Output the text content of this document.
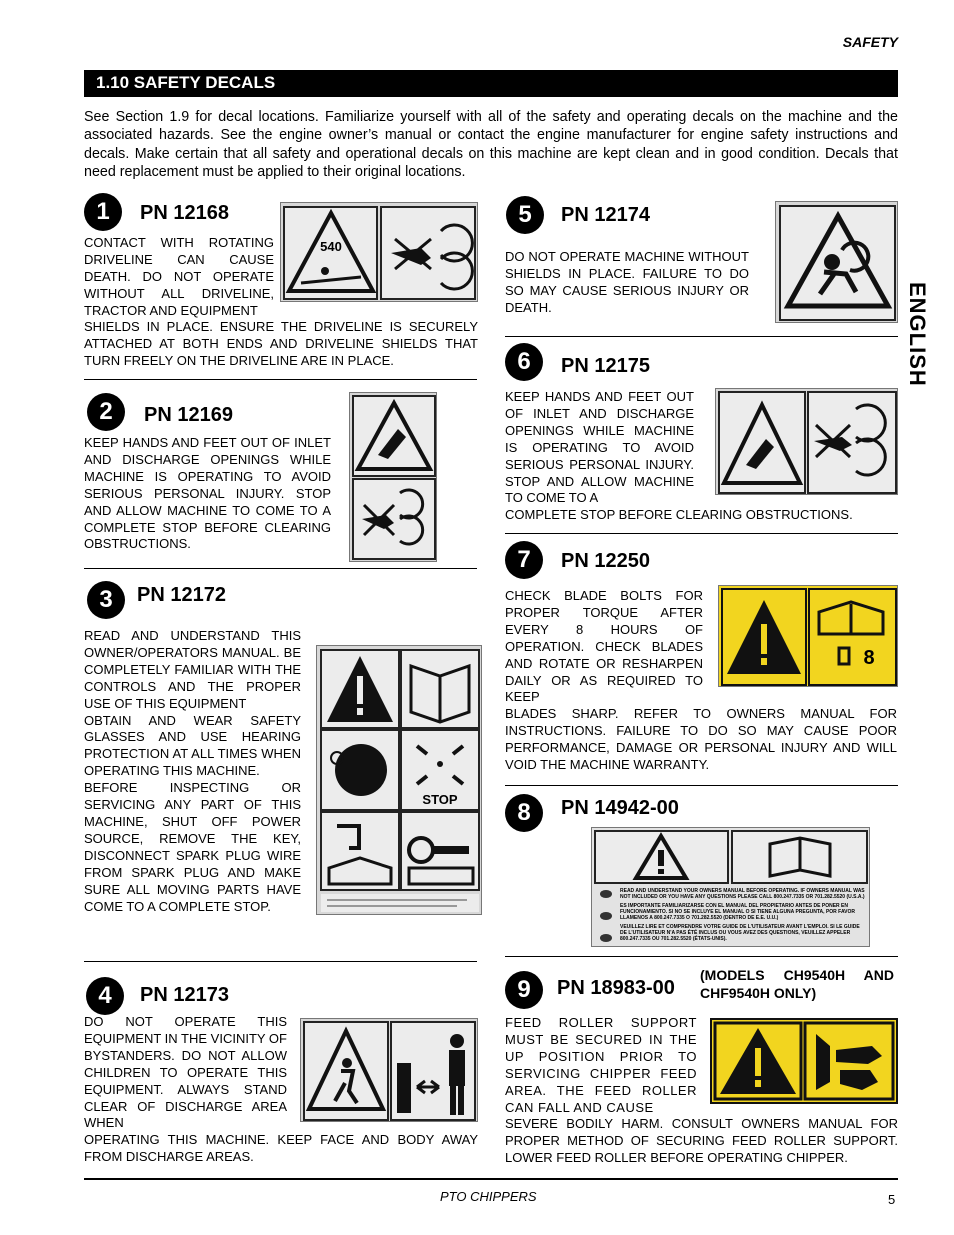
SAFETY
1.10 SAFETY DECALS
See Section 1.9 for decal locations. Familiarize yourself with all of the safety and operating decals on the machine and the associated hazards. See the engine owner’s manual or contact the engine manufacturer for engine safety instructions and decals. Make certain that all safety and operational decals on this machine are kept clean and in good condition. Decals that need replacement must be applied to their original locations.
ENGLISH
1	PN 12168
CONTACT WITH ROTATING DRIVELINE CAN CAUSE DEATH. DO NOT OPERATE WITHOUT ALL DRIVELINE, TRACTOR AND EQUIPMENT
SHIELDS IN PLACE. ENSURE THE DRIVELINE IS SECURELY ATTACHED AT BOTH ENDS AND DRIVELINE SHIELDS THAT TURN FREELY ON THE DRIVELINE ARE IN PLACE.
540
2	PN 12169
KEEP HANDS AND FEET OUT OF INLET AND DISCHARGE OPENINGS WHILE MACHINE IS OPERATING TO AVOID SERIOUS PERSONAL INJURY. STOP AND ALLOW MACHINE TO COME TO A COMPLETE STOP BEFORE CLEARING OBSTRUCTIONS.
3	PN 12172
READ AND UNDERSTAND THIS OWNER/OPERATORS MANUAL. BE COMPLETELY FAMILIAR WITH THE CONTROLS AND THE PROPER USE OF THIS EQUIPMENT
OBTAIN AND WEAR SAFETY GLASSES AND USE HEARING PROTECTION AT ALL TIMES WHEN OPERATING THIS MACHINE.
BEFORE INSPECTING OR SERVICING ANY PART OF THIS MACHINE, SHUT OFF POWER SOURCE, REMOVE THE KEY, DISCONNECT SPARK PLUG WIRE FROM SPARK PLUG AND MAKE SURE ALL MOVING PARTS HAVE COME TO A COMPLETE STOP.
STOP
4	PN 12173
DO NOT OPERATE THIS EQUIPMENT IN THE VICINITY OF BYSTANDERS. DO NOT ALLOW CHILDREN TO OPERATE THIS EQUIPMENT. ALWAYS STAND CLEAR OF DISCHARGE AREA WHEN
OPERATING THIS MACHINE. KEEP FACE AND BODY AWAY FROM DISCHARGE AREAS.
5	PN 12174
DO NOT OPERATE MACHINE WITHOUT SHIELDS IN PLACE. FAILURE TO DO SO MAY CAUSE SERIOUS INJURY OR DEATH.
6	PN 12175
KEEP HANDS AND FEET OUT OF INLET AND DISCHARGE OPENINGS WHILE MACHINE IS OPERATING TO AVOID SERIOUS PERSONAL INJURY. STOP AND ALLOW MACHINE TO COME TO A
COMPLETE STOP BEFORE CLEARING OBSTRUCTIONS.
7	PN 12250
CHECK BLADE BOLTS FOR PROPER TORQUE AFTER EVERY 8 HOURS OF OPERATION. CHECK BLADES AND ROTATE OR RESHARPEN DAILY OR AS REQUIRED TO KEEP
BLADES SHARP. REFER TO OWNERS MANUAL FOR INSTRUCTIONS. FAILURE TO DO SO MAY CAUSE POOR PERFORMANCE, DAMAGE OR PERSONAL INJURY AND WILL VOID THE MACHINE WARRANTY.
8
8	PN 14942-00
READ AND UNDERSTAND YOUR OWNERS MANUAL BEFORE OPERATING. IF OWNERS MANUAL WAS NOT INCLUDED OR YOU HAVE ANY QUESTIONS PLEASE CALL 800.247.7335 OR 701.282.5520 (U.S.A.)
ES IMPORTANTE FAMILIARIZARSE CON EL MANUAL DEL PROPIETARIO ANTES DE PONER EN FUNCIONAMIENTO. SI NO SE INCLUYE EL MANUAL O SI TIENE ALGUNA PREGUNTA, POR FAVOR LLAMENOS A 800.247.7335 O 701.282.5520 (DENTRO DE E.E. U.U.)
VEUILLEZ LIRE ET COMPRENDRE VOTRE GUIDE DE L'UTILISATEUR AVANT L'EMPLOI. SI LE GUIDE DE L'UTILISATEUR N'A PAS ÉTÉ INCLUS OU VOUS AVEZ DES QUESTIONS, VEUILLEZ APPELER 800.247.7335 OU 701.282.5520 (ÉTATS-UNIS).
9	PN 18983-00
(MODELS CH9540H AND CHF9540H ONLY)
FEED ROLLER SUPPORT MUST BE SECURED IN THE UP POSITION PRIOR TO SERVICING CHIPPER FEED AREA. THE FEED ROLLER CAN FALL AND CAUSE
SEVERE BODILY HARM. CONSULT OWNERS MANUAL FOR PROPER METHOD OF SECURING FEED ROLLER SUPPORT. LOWER FEED ROLLER BEFORE OPERATING CHIPPER.
PTO CHIPPERS	5
